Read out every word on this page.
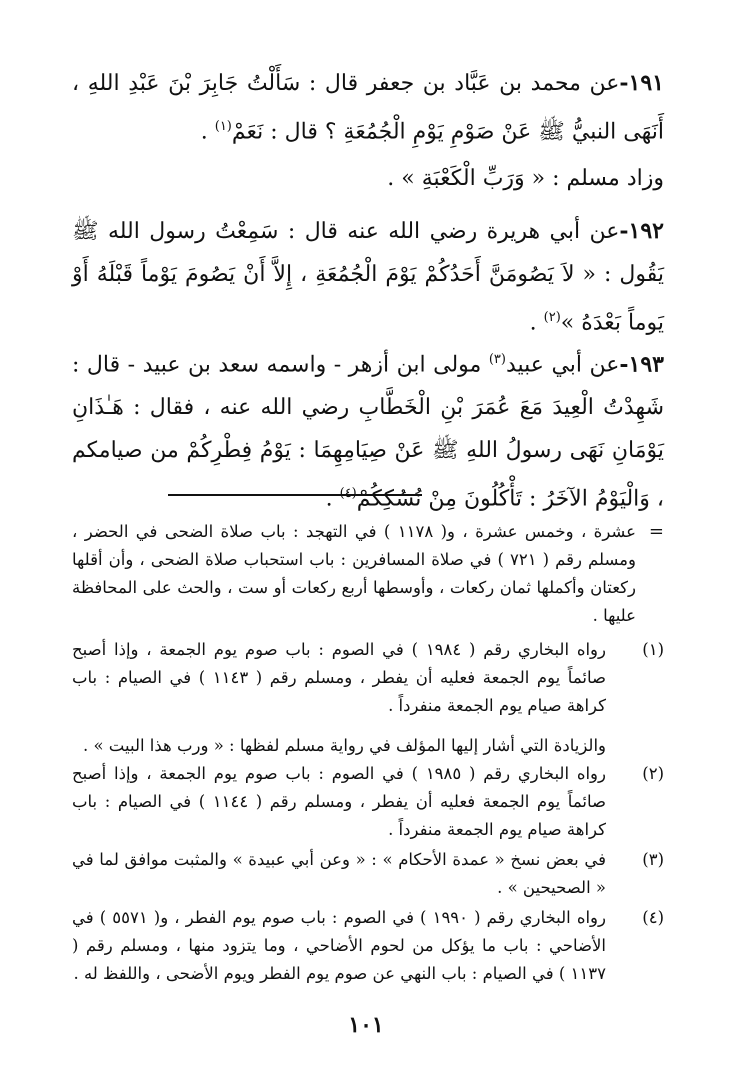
١٩١-عن محمد بن عَبَّاد بن جعفر قال : سَأَلْتُ جَابِرَ بْنَ عَبْدِ اللهِ ، أَنَهَى النبيُّ ﷺ عَنْ صَوْمِ يَوْمِ الْجُمُعَةِ ؟ قال : نَعَمْ$^{(١)}$ .

وزاد مسلم : « وَرَبِّ الْكَعْبَةِ » .

١٩٢-عن أبي هريرة رضي الله عنه قال : سَمِعْتُ رسول الله ﷺ يَقُول : « لاَ يَصُومَنَّ أَحَدُكُمْ يَوْمَ الْجُمُعَةِ ، إِلاَّ أَنْ يَصُومَ يَوْماً قَبْلَهُ أَوْ يَوماً بَعْدَهُ »$^{(٢)}$ .

١٩٣-عن أبي عبيد$^{(٣)}$ مولى ابن أزهر - واسمه سعد بن عبيد - قال : شَهِدْتُ الْعِيدَ مَعَ عُمَرَ بْنِ الْخَطَّابِ رضي الله عنه ، فقال : هَـٰذَانِ يَوْمَانِ نَهَى رسولُ اللهِ ﷺ عَنْ صِيَامِهِمَا : يَوْمُ فِطْرِكُمْ من صيامكم ، وَالْيَوْمُ الآخَرُ : تَأْكُلُونَ مِنْ نُسُكِكُمْ$^{(٤)}$ .

=
عشرة ، وخمس عشرة ، و( ١١٧٨ ) في التهجد : باب صلاة الضحى في الحضر ، ومسلم رقم ( ٧٢١ ) في صلاة المسافرين : باب استحباب صلاة الضحى ، وأن أقلها ركعتان وأكملها ثمان ركعات ، وأوسطها أربع ركعات أو ست ، والحث على المحافظة عليها .
(١)
رواه البخاري رقم ( ١٩٨٤ ) في الصوم : باب صوم يوم الجمعة ، وإذا أصبح صائماً يوم الجمعة فعليه أن يفطر ، ومسلم رقم ( ١١٤٣ ) في الصيام : باب كراهة صيام يوم الجمعة منفرداً .
والزيادة التي أشار إليها المؤلف في رواية مسلم لفظها : « ورب هذا البيت » .
(٢)
رواه البخاري رقم ( ١٩٨٥ ) في الصوم : باب صوم يوم الجمعة ، وإذا أصبح صائماً يوم الجمعة فعليه أن يفطر ، ومسلم رقم ( ١١٤٤ ) في الصيام : باب كراهة صيام يوم الجمعة منفرداً .
(٣)
في بعض نسخ « عمدة الأحكام » : « وعن أبي عبيدة » والمثبت موافق لما في « الصحيحين » .
(٤)
رواه البخاري رقم ( ١٩٩٠ ) في الصوم : باب صوم يوم الفطر ، و( ٥٥٧١ ) في الأضاحي : باب ما يؤكل من لحوم الأضاحي ، وما يتزود منها ، ومسلم رقم ( ١١٣٧ ) في الصيام : باب النهي عن صوم يوم الفطر ويوم الأضحى ، واللفظ له .
١٠١
